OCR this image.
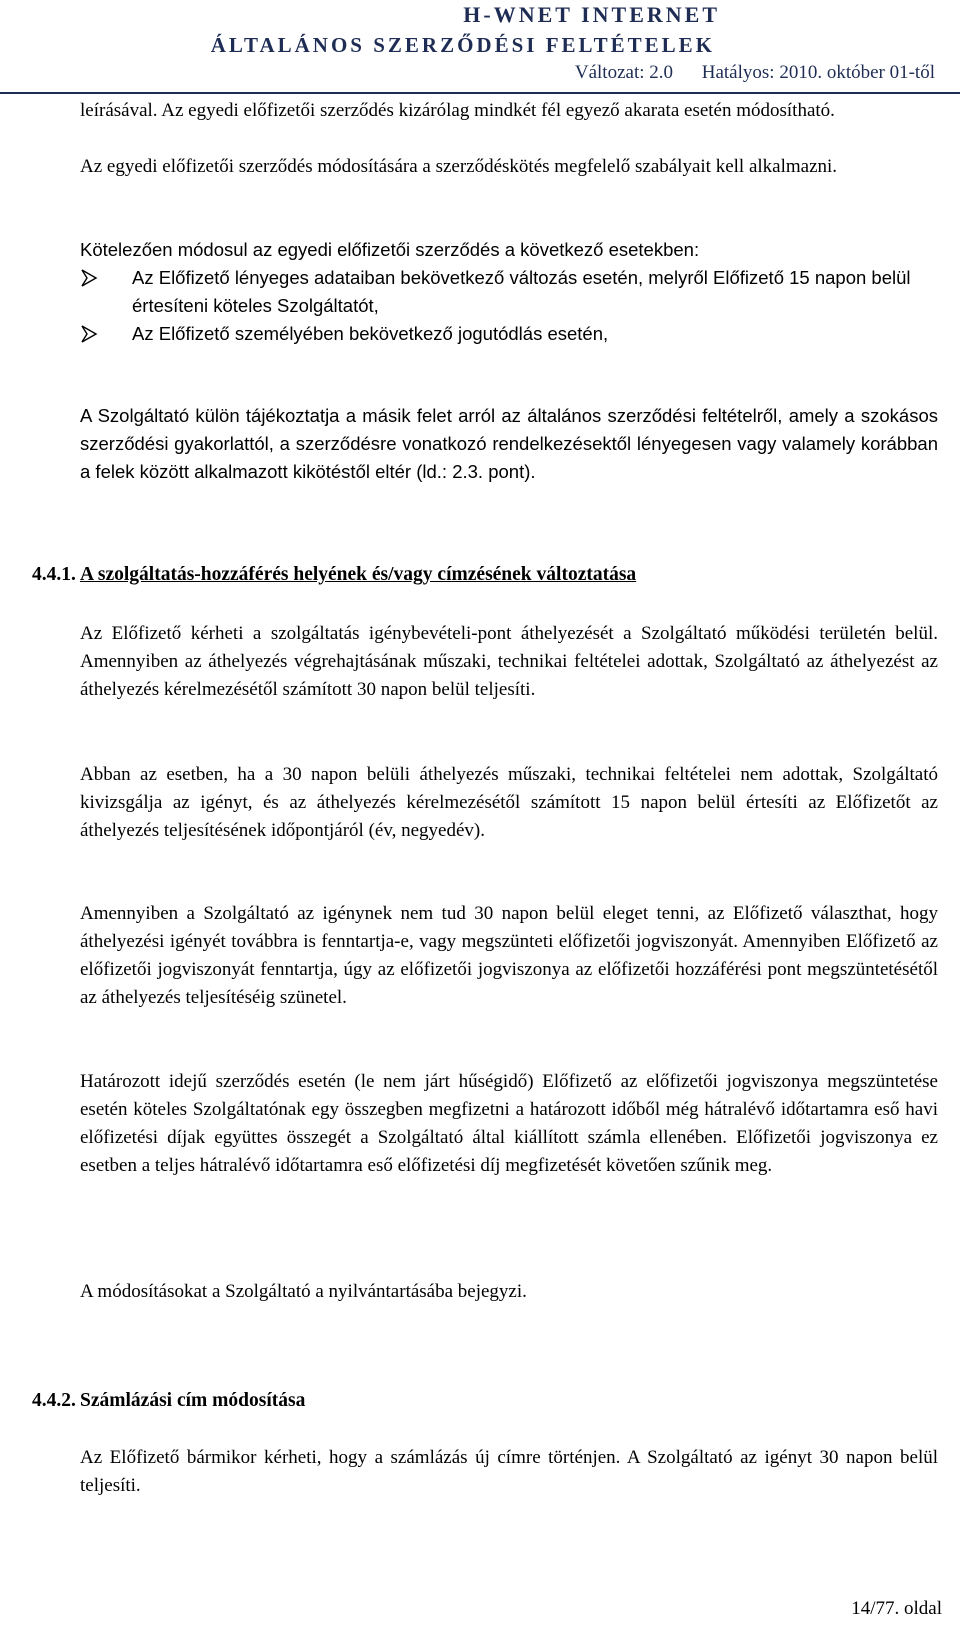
H-WNET INTERNET
ÁLTALÁNOS SZERZŐDÉSI FELTÉTELEK
Változat: 2.0 Hatályos: 2010. október 01-től
leírásával. Az egyedi előfizetői szerződés kizárólag mindkét fél egyező akarata esetén módosítható.
Az egyedi előfizetői szerződés módosítására a szerződéskötés megfelelő szabályait kell alkalmazni.
Kötelezően módosul az egyedi előfizetői szerződés a következő esetekben:
Az Előfizető lényeges adataiban bekövetkező változás esetén, melyről Előfizető 15 napon belül értesíteni köteles Szolgáltatót,
Az Előfizető személyében bekövetkező jogutódlás esetén,
A Szolgáltató külön tájékoztatja a másik felet arról az általános szerződési feltételről, amely a szokásos szerződési gyakorlattól, a szerződésre vonatkozó rendelkezésektől lényegesen vagy valamely korábban a felek között alkalmazott kikötéstől eltér (ld.: 2.3. pont).
4.4.1. A szolgáltatás-hozzáférés helyének és/vagy címzésének változtatása
Az Előfizető kérheti a szolgáltatás igénybevételi-pont áthelyezését a Szolgáltató működési területén belül. Amennyiben az áthelyezés végrehajtásának műszaki, technikai feltételei adottak, Szolgáltató az áthelyezést az áthelyezés kérelmezésétől számított 30 napon belül teljesíti.
Abban az esetben, ha a 30 napon belüli áthelyezés műszaki, technikai feltételei nem adottak, Szolgáltató kivizsgálja az igényt, és az áthelyezés kérelmezésétől számított 15 napon belül értesíti az Előfizetőt az áthelyezés teljesítésének időpontjáról (év, negyedév).
Amennyiben a Szolgáltató az igénynek nem tud 30 napon belül eleget tenni, az Előfizető választhat, hogy áthelyezési igényét továbbra is fenntartja-e, vagy megszünteti előfizetői jogviszonyát. Amennyiben Előfizető az előfizetői jogviszonyát fenntartja, úgy az előfizetői jogviszonya az előfizetői hozzáférési pont megszüntetésétől az áthelyezés teljesítéséig szünetel.
Határozott idejű szerződés esetén (le nem járt hűségidő) Előfizető az előfizetői jogviszonya megszüntetése esetén köteles Szolgáltatónak egy összegben megfizetni a határozott időből még hátralévő időtartamra eső havi előfizetési díjak együttes összegét a Szolgáltató által kiállított számla ellenében. Előfizetői jogviszonya ez esetben a teljes hátralévő időtartamra eső előfizetési díj megfizetését követően szűnik meg.
A módosításokat a Szolgáltató a nyilvántartásába bejegyzi.
4.4.2. Számlázási cím módosítása
Az Előfizető bármikor kérheti, hogy a számlázás új címre történjen. A Szolgáltató az igényt 30 napon belül teljesíti.
14/77. oldal
